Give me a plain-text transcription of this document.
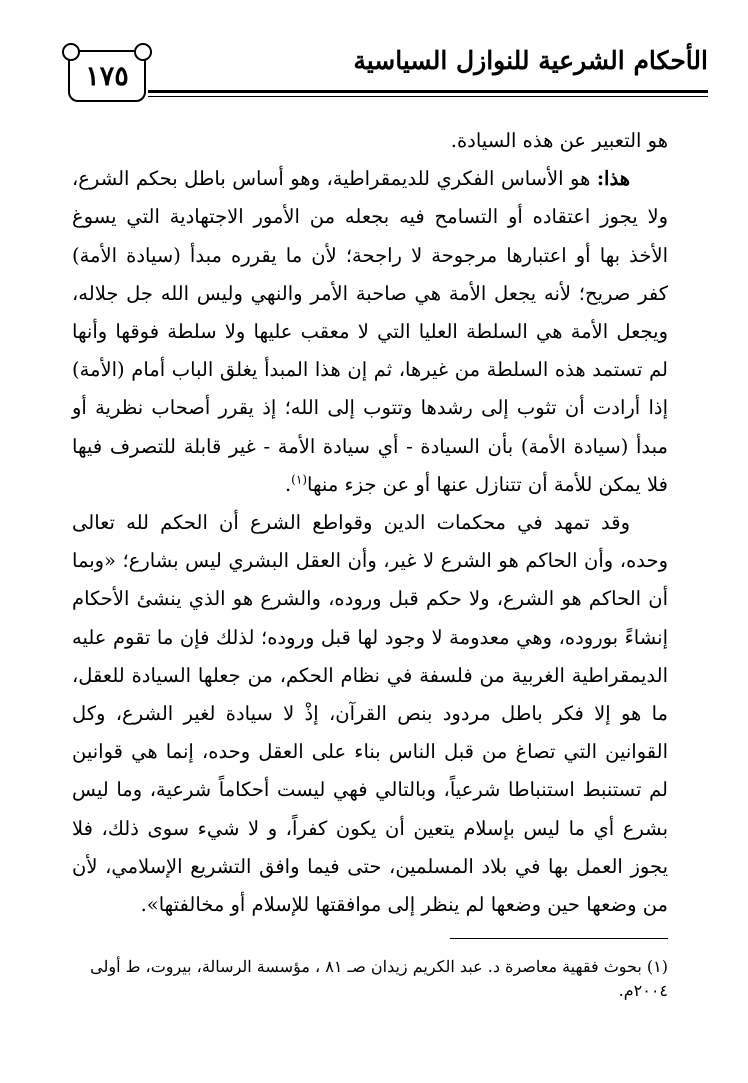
١٧٥	الأحكام الشرعية للنوازل السياسية

هو التعبير عن هذه السيادة.

هذا: هو الأساس الفكري للديمقراطية، وهو أساس باطل بحكم الشرع، ولا يجوز اعتقاده أو التسامح فيه بجعله من الأمور الاجتهادية التي يسوغ الأخذ بها أو اعتبارها مرجوحة لا راجحة؛ لأن ما يقرره مبدأ (سيادة الأمة) كفر صريح؛ لأنه يجعل الأمة هي صاحبة الأمر والنهي وليس الله جل جلاله، ويجعل الأمة هي السلطة العليا التي لا معقب عليها ولا سلطة فوقها وأنها لم تستمد هذه السلطة من غيرها، ثم إن هذا المبدأ يغلق الباب أمام (الأمة) إذا أرادت أن تثوب إلى رشدها وتتوب إلى الله؛ إذ يقرر أصحاب نظرية أو مبدأ (سيادة الأمة) بأن السيادة - أي سيادة الأمة - غير قابلة للتصرف فيها فلا يمكن للأمة أن تتنازل عنها أو عن جزء منها$^{(١)}$.

وقد تمهد في محكمات الدين وقواطع الشرع أن الحكم لله تعالى وحده، وأن الحاكم هو الشرع لا غير، وأن العقل البشري ليس بشارع؛ «وبما أن الحاكم هو الشرع، ولا حكم قبل وروده، والشرع هو الذي ينشئ الأحكام إنشاءً بوروده، وهي معدومة لا وجود لها قبل وروده؛ لذلك فإن ما تقوم عليه الديمقراطية الغربية من فلسفة في نظام الحكم، من جعلها السيادة للعقل، ما هو إلا فكر باطل مردود بنص القرآن، إذْ لا سيادة لغير الشرع، وكل القوانين التي تصاغ من قبل الناس بناء على العقل وحده، إنما هي قوانين لم تستنبط استنباطا شرعياً، وبالتالي فهي ليست أحكاماً شرعية، وما ليس بشرع أي ما ليس بإسلام يتعين أن يكون كفراً، و لا شيء سوى ذلك، فلا يجوز العمل بها في بلاد المسلمين، حتى فيما وافق التشريع الإسلامي، لأن من وضعها حين وضعها لم ينظر إلى موافقتها للإسلام أو مخالفتها».

(١) بحوث فقهية معاصرة د. عبد الكريم زيدان صـ ٨١ ، مؤسسة الرسالة، بيروت، ط أولى ٢٠٠٤م.
